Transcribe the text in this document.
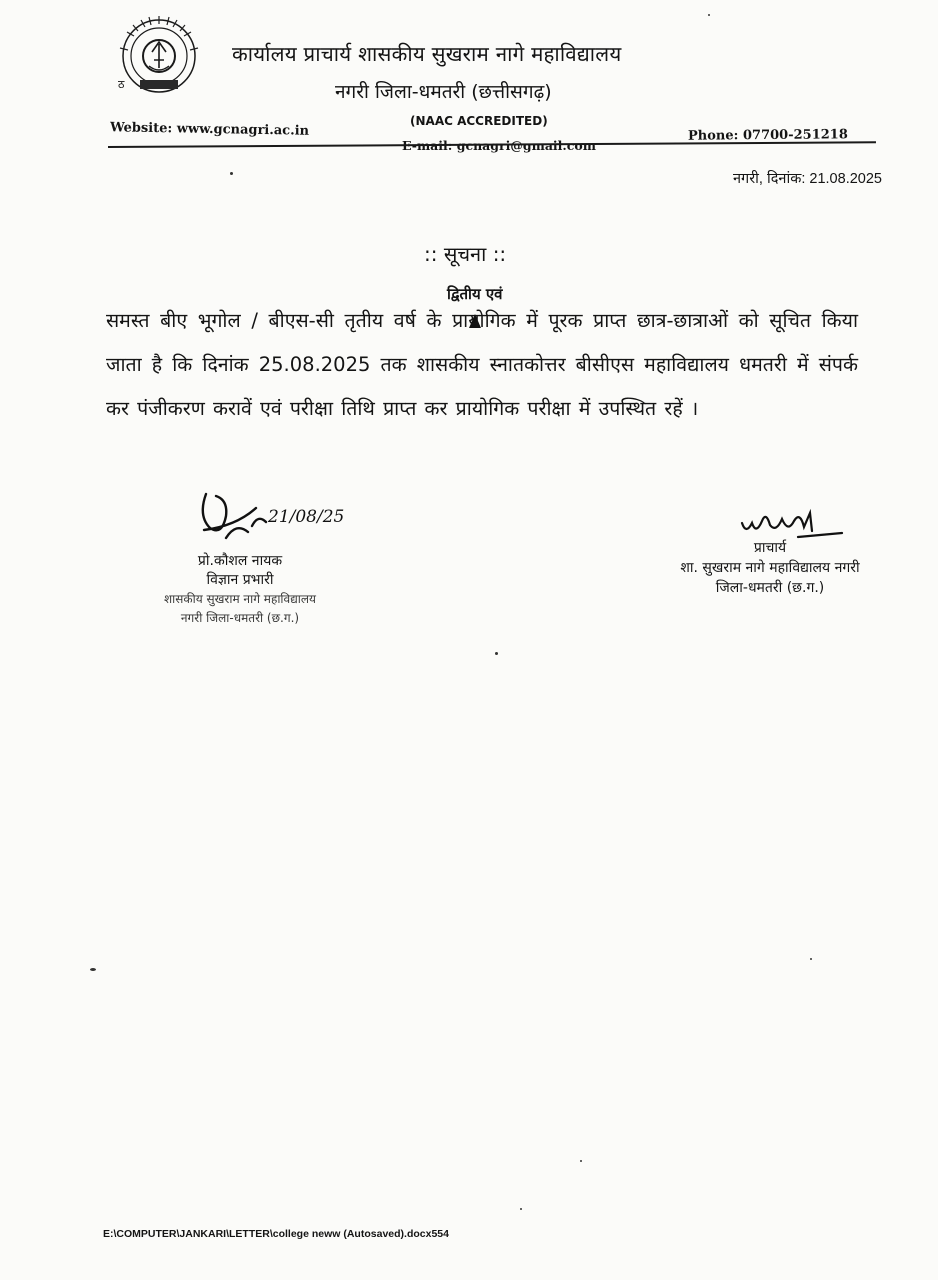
ठ
कार्यालय प्राचार्य शासकीय सुखराम नागे महाविद्यालय
नगरी जिला-धमतरी (छत्तीसगढ़)
(NAAC ACCREDITED)
Website: www.gcnagri.ac.in
E-mail: gcnagri@gmail.com
Phone: 07700-251218
नगरी, दिनांक: 21.08.2025
:: सूचना ::
द्वितीय एवं
समस्त बीए भूगोल / बीएस-सी तृतीय वर्ष के प्रायोगिक में पूरक प्राप्त छात्र-छात्राओं को सूचित किया जाता है कि दिनांक 25.08.2025 तक शासकीय स्नातकोत्तर बीसीएस महाविद्यालय धमतरी में संपर्क कर पंजीकरण करावें एवं परीक्षा तिथि प्राप्त कर प्रायोगिक परीक्षा में उपस्थित रहें ।
21/08/25
प्रो.कौशल नायक
विज्ञान प्रभारी
शासकीय सुखराम नागे महाविद्यालय
नगरी जिला-धमतरी (छ.ग.)
प्राचार्य
शा. सुखराम नागे महाविद्यालय नगरी
जिला-धमतरी (छ.ग.)
E:\COMPUTER\JANKARI\LETTER\college neww (Autosaved).docx554
